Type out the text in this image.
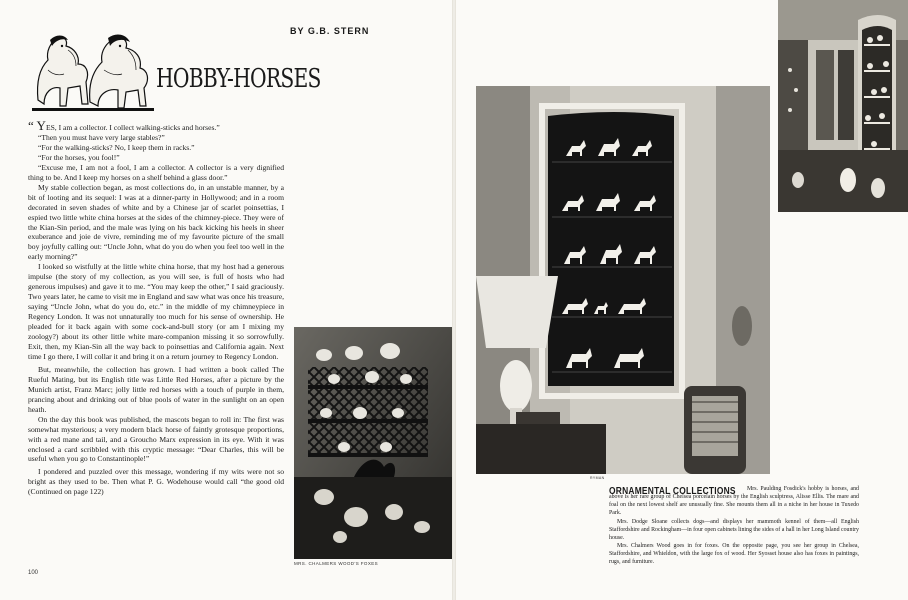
BY G.B. STERN
HOBBY-HORSES

“ YES, I am a collector. I collect walking-sticks and horses.”

“Then you must have very large stables?”

“For the walking-sticks? No, I keep them in racks.”

“For the horses, you fool!”

“Excuse me, I am not a fool, I am a collector. A collector is a very dignified thing to be. And I keep my horses on a shelf behind a glass door.”

My stable collection began, as most collections do, in an unstable manner, by a bit of looting and its sequel: I was at a dinner-party in Hollywood; and in a room decorated in seven shades of white and by a Chinese jar of scarlet poinsettias, I espied two little white china horses at the sides of the chimney-piece. They were of the Kian-Sin period, and the male was lying on his back kicking his heels in sheer exuberance and joie de vivre, reminding me of my favourite picture of the small boy joyfully calling out: “Uncle John, what do you do when you feel too well in the early morning?”

I looked so wistfully at the little white china horse, that my host had a generous impulse (the story of my collection, as you will see, is full of hosts who had generous impulses) and gave it to me. “You may keep the other,” I said graciously. Two years later, he came to visit me in England and saw what was once his treasure, saying “Uncle John, what do you do, etc.” in the middle of my chimneypiece in Regency London. It was not unnaturally too much for his sense of ownership. He pleaded for it back again with some cock-and-bull story (or am I mixing my zoology?) about its other little white mare-companion missing it so sorrowfully. Exit, then, my Kian-Sin all the way back to poinsettias and California again. Next time I go there, I will collar it and bring it on a return journey to Regency London.

But, meanwhile, the collection has grown. I had written a book called The Rueful Mating, but its English title was Little Red Horses, after a picture by the Munich artist, Franz Marc; jolly little red horses with a touch of purple in them, prancing about and drinking out of blue pools of water in the sunlight on an open heath.

On the day this book was published, the mascots began to roll in: The first was somewhat mysterious; a very modern black horse of faintly grotesque proportions, with a red mane and tail, and a Groucho Marx expression in its eye. With it was enclosed a card scribbled with this cryptic message: “Dear Charles, this will be useful when you go to Constantinople!”

I pondered and puzzled over this message, wondering if my wits were not so bright as they used to be. Then what P. G. Wodehouse would call “the good old (Continued on page 122)

MRS. CHALMERS WOOD'S FOXES
100
RYMAN
ORNAMENTAL COLLECTIONS	Mrs. Paulding Fosdick's hobby is horses, and above is her rare group of Chelsea porcelain horses by the English sculptress, Alisse Ellis. The mare and foal on the next lowest shelf are unusually fine. She mounts them all in a niche in her house in Tuxedo Park.

Mrs. Dodge Sloane collects dogs—and displays her mammoth kennel of them—all English Staffordshire and Rockingham—in four open cabinets lining the sides of a hall in her Long Island country house.

Mrs. Chalmers Wood goes in for foxes. On the opposite page, you see her group in Chelsea, Staffordshire, and Whieldon, with the large fox of wood. Her Syosset house also has foxes in paintings, rugs, and furniture.
